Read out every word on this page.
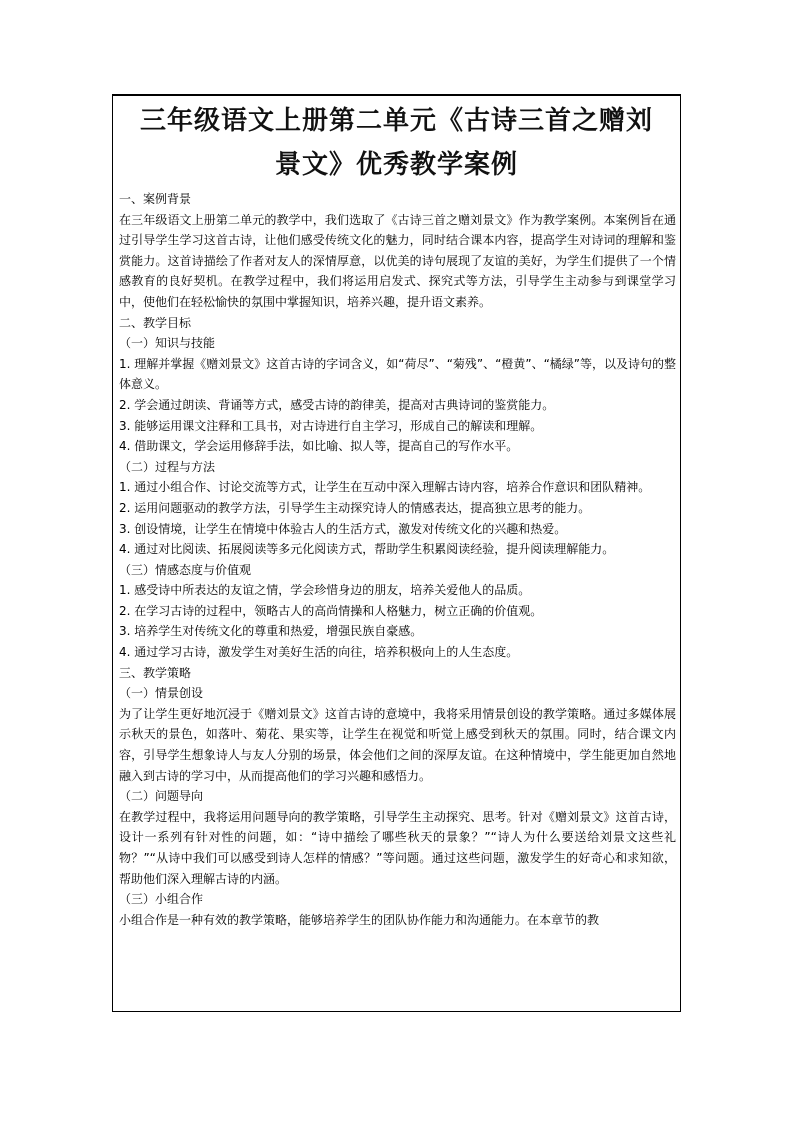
三年级语文上册第二单元《古诗三首之赠刘
景文》优秀教学案例

一、案例背景

在三年级语文上册第二单元的教学中，我们选取了《古诗三首之赠刘景文》作为教学案例。本案例旨在通过引导学生学习这首古诗，让他们感受传统文化的魅力，同时结合课本内容，提高学生对诗词的理解和鉴赏能力。这首诗描绘了作者对友人的深情厚意，以优美的诗句展现了友谊的美好，为学生们提供了一个情感教育的良好契机。在教学过程中，我们将运用启发式、探究式等方法，引导学生主动参与到课堂学习中，使他们在轻松愉快的氛围中掌握知识，培养兴趣，提升语文素养。

二、教学目标

（一）知识与技能

1. 理解并掌握《赠刘景文》这首古诗的字词含义，如“荷尽”、“菊残”、“橙黄”、“橘绿”等，以及诗句的整体意义。

2. 学会通过朗读、背诵等方式，感受古诗的韵律美，提高对古典诗词的鉴赏能力。

3. 能够运用课文注释和工具书，对古诗进行自主学习，形成自己的解读和理解。

4. 借助课文，学会运用修辞手法，如比喻、拟人等，提高自己的写作水平。

（二）过程与方法

1. 通过小组合作、讨论交流等方式，让学生在互动中深入理解古诗内容，培养合作意识和团队精神。

2. 运用问题驱动的教学方法，引导学生主动探究诗人的情感表达，提高独立思考的能力。

3. 创设情境，让学生在情境中体验古人的生活方式，激发对传统文化的兴趣和热爱。

4. 通过对比阅读、拓展阅读等多元化阅读方式，帮助学生积累阅读经验，提升阅读理解能力。

（三）情感态度与价值观

1. 感受诗中所表达的友谊之情，学会珍惜身边的朋友，培养关爱他人的品质。

2. 在学习古诗的过程中，领略古人的高尚情操和人格魅力，树立正确的价值观。

3. 培养学生对传统文化的尊重和热爱，增强民族自豪感。

4. 通过学习古诗，激发学生对美好生活的向往，培养积极向上的人生态度。

三、教学策略

（一）情景创设

为了让学生更好地沉浸于《赠刘景文》这首古诗的意境中，我将采用情景创设的教学策略。通过多媒体展示秋天的景色，如落叶、菊花、果实等，让学生在视觉和听觉上感受到秋天的氛围。同时，结合课文内容，引导学生想象诗人与友人分别的场景，体会他们之间的深厚友谊。在这种情境中，学生能更加自然地融入到古诗的学习中，从而提高他们的学习兴趣和感悟力。

（二）问题导向

在教学过程中，我将运用问题导向的教学策略，引导学生主动探究、思考。针对《赠刘景文》这首古诗，设计一系列有针对性的问题，如：“诗中描绘了哪些秋天的景象？”“诗人为什么要送给刘景文这些礼物？”“从诗中我们可以感受到诗人怎样的情感？”等问题。通过这些问题，激发学生的好奇心和求知欲，帮助他们深入理解古诗的内涵。

（三）小组合作

小组合作是一种有效的教学策略，能够培养学生的团队协作能力和沟通能力。在本章节的教
